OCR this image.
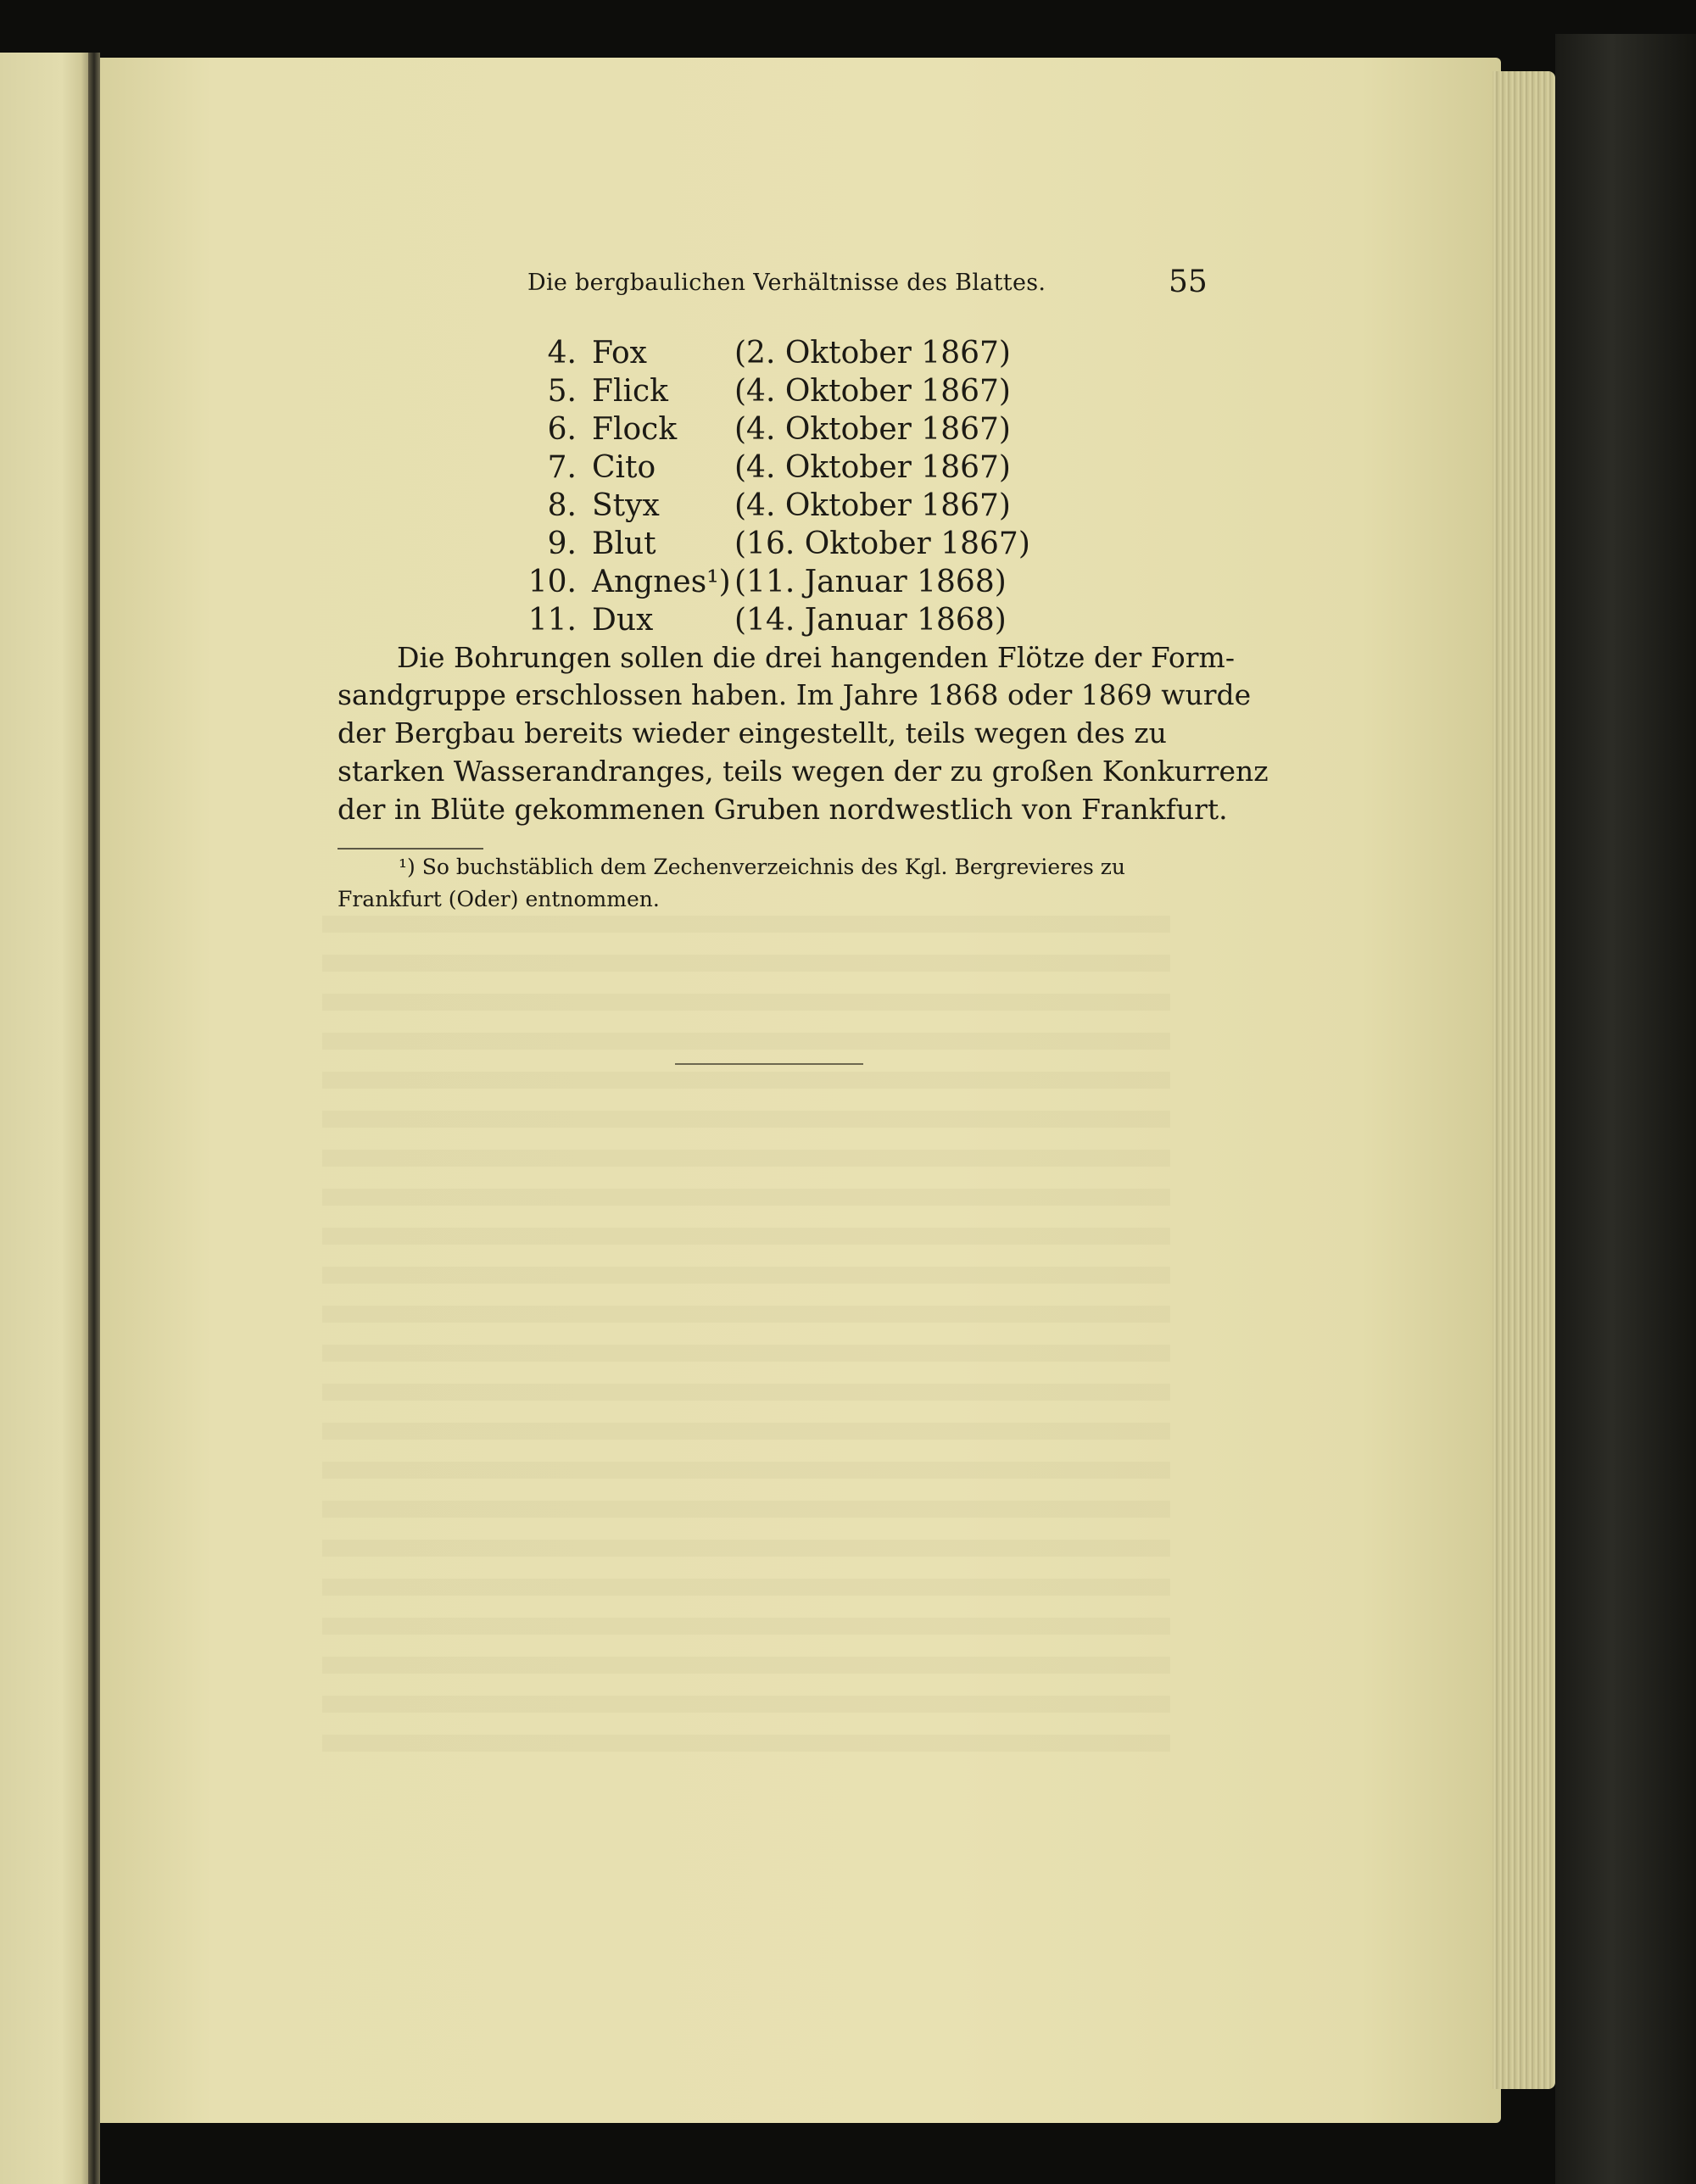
Die bergbaulichen Verhältnisse des Blattes.	55
4. Fox	(2. Oktober 1867)
5. Flick (4. Oktober 1867)
6. Flock (4. Oktober 1867)
7. Cito	(4. Oktober 1867)
8. Styx (4. Oktober 1867)
9. Blut	(16. Oktober 1867)
10. Angnes¹) (11. Januar 1868)
11. Dux	(14. Januar 1868)
Die Bohrungen sollen die drei hangenden Flötze der Form-
sandgruppe erschlossen haben. Im Jahre 1868 oder 1869 wurde
der Bergbau bereits wieder eingestellt, teils wegen des zu
starken Wasserandranges, teils wegen der zu großen Konkurrenz
der in Blüte gekommenen Gruben nordwestlich von Frankfurt.
¹) So buchstäblich dem Zechenverzeichnis des Kgl. Bergrevieres zu
Frankfurt (Oder) entnommen.
